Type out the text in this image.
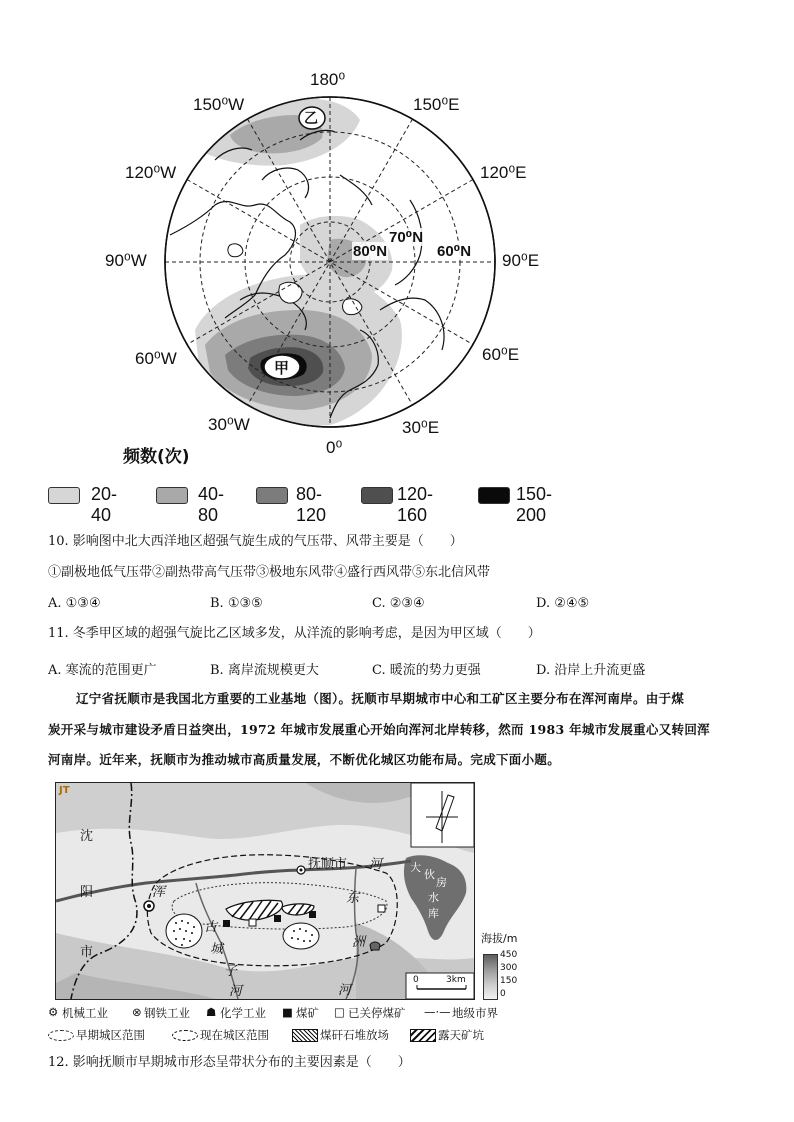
180⁰
150⁰W	150⁰E
120⁰W	120⁰E
90⁰W	90⁰E
60⁰W	60⁰E
30⁰W	30⁰E
0⁰
70⁰N
80⁰N	60⁰N
乙
甲
频数(次)
20-40
40-80
80-120
120-160
150-200
10. 影响图中北大西洋地区超强气旋生成的气压带、风带主要是（　　）
①副极地低气压带②副热带高气压带③极地东风带④盛行西风带⑤东北信风带
A. ①③④	B. ①③⑤	C. ②③④	D. ②④⑤
11. 冬季甲区域的超强气旋比乙区域多发，从洋流的影响考虑，是因为甲区域（　　）
A. 寒流的范围更广	B. 离岸流规模更大	C. 暖流的势力更强	D. 沿岸上升流更盛
辽宁省抚顺市是我国北方重要的工业基地（图）。抚顺市早期城市中心和工矿区主要分布在浑河南岸。由于煤
炭开采与城市建设矛盾日益突出，1972 年城市发展重心开始向浑河北岸转移，然而 1983 年城市发展重心又转回浑
河南岸。近年来，抚顺市为推动城市高质量发展，不断优化城区功能布局。完成下面小题。
JT
抚顺市
沈
阳
市
浑
河
古
城
子
河
东
洲
河
大
伙
房
水
库
0	3km
海拔/m
450
300
150
0
⚙ 机械工业 ⊗ 钢铁工业 ☗ 化学工业 ■ 煤矿 □ 已关停煤矿 —·— 地级市界
早期城区范围	现在城区范围	煤矸石堆放场	露天矿坑
12. 影响抚顺市早期城市形态呈带状分布的主要因素是（　　）
